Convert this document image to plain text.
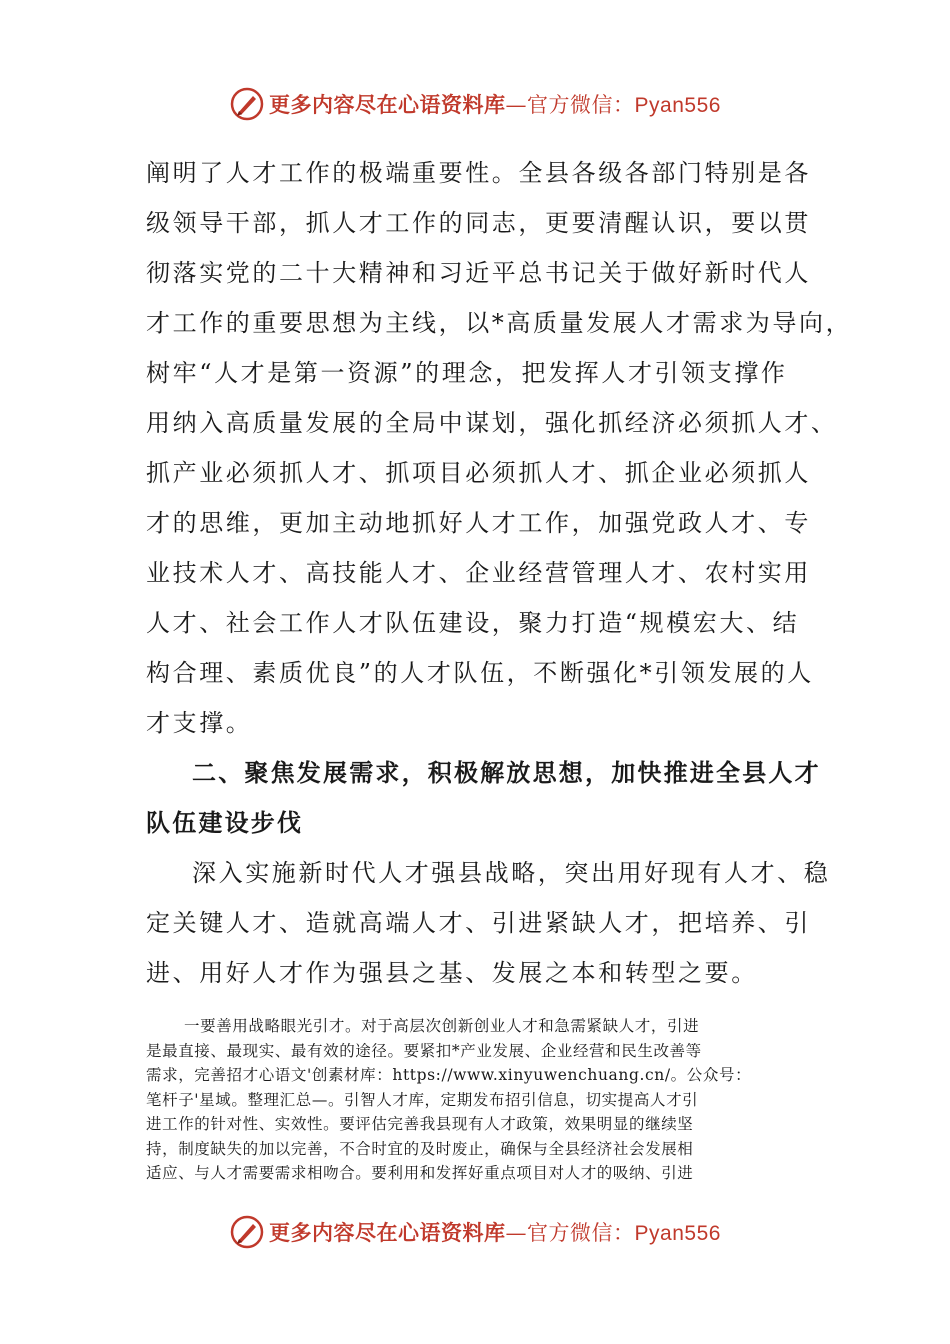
更多内容尽在心语资料库—官方微信：Pyan556
阐明了人才工作的极端重要性。全县各级各部门特别是各
级领导干部，抓人才工作的同志，更要清醒认识，要以贯
彻落实党的二十大精神和习近平总书记关于做好新时代人
才工作的重要思想为主线，以*高质量发展人才需求为导向，
树牢“人才是第一资源”的理念，把发挥人才引领支撑作
用纳入高质量发展的全局中谋划，强化抓经济必须抓人才、
抓产业必须抓人才、抓项目必须抓人才、抓企业必须抓人
才的思维，更加主动地抓好人才工作，加强党政人才、专
业技术人才、高技能人才、企业经营管理人才、农村实用
人才、社会工作人才队伍建设，聚力打造“规模宏大、结
构合理、素质优良”的人才队伍，不断强化*引领发展的人
才支撑。
二、聚焦发展需求，积极解放思想，加快推进全县人才
队伍建设步伐
深入实施新时代人才强县战略，突出用好现有人才、稳
定关键人才、造就高端人才、引进紧缺人才，把培养、引
进、用好人才作为强县之基、发展之本和转型之要。
一要善用战略眼光引才。对于高层次创新创业人才和急需紧缺人才，引进
是最直接、最现实、最有效的途径。要紧扣*产业发展、企业经营和民生改善等
需求，完善招才心语文'创素材库：https://www.xinyuwenchuang.cn/。公众号：
笔杆子'星域。整理汇总—。引智人才库，定期发布招引信息，切实提高人才引
进工作的针对性、实效性。要评估完善我县现有人才政策，效果明显的继续坚
持，制度缺失的加以完善，不合时宜的及时废止，确保与全县经济社会发展相
适应、与人才需要需求相吻合。要利用和发挥好重点项目对人才的吸纳、引进
更多内容尽在心语资料库—官方微信：Pyan556
